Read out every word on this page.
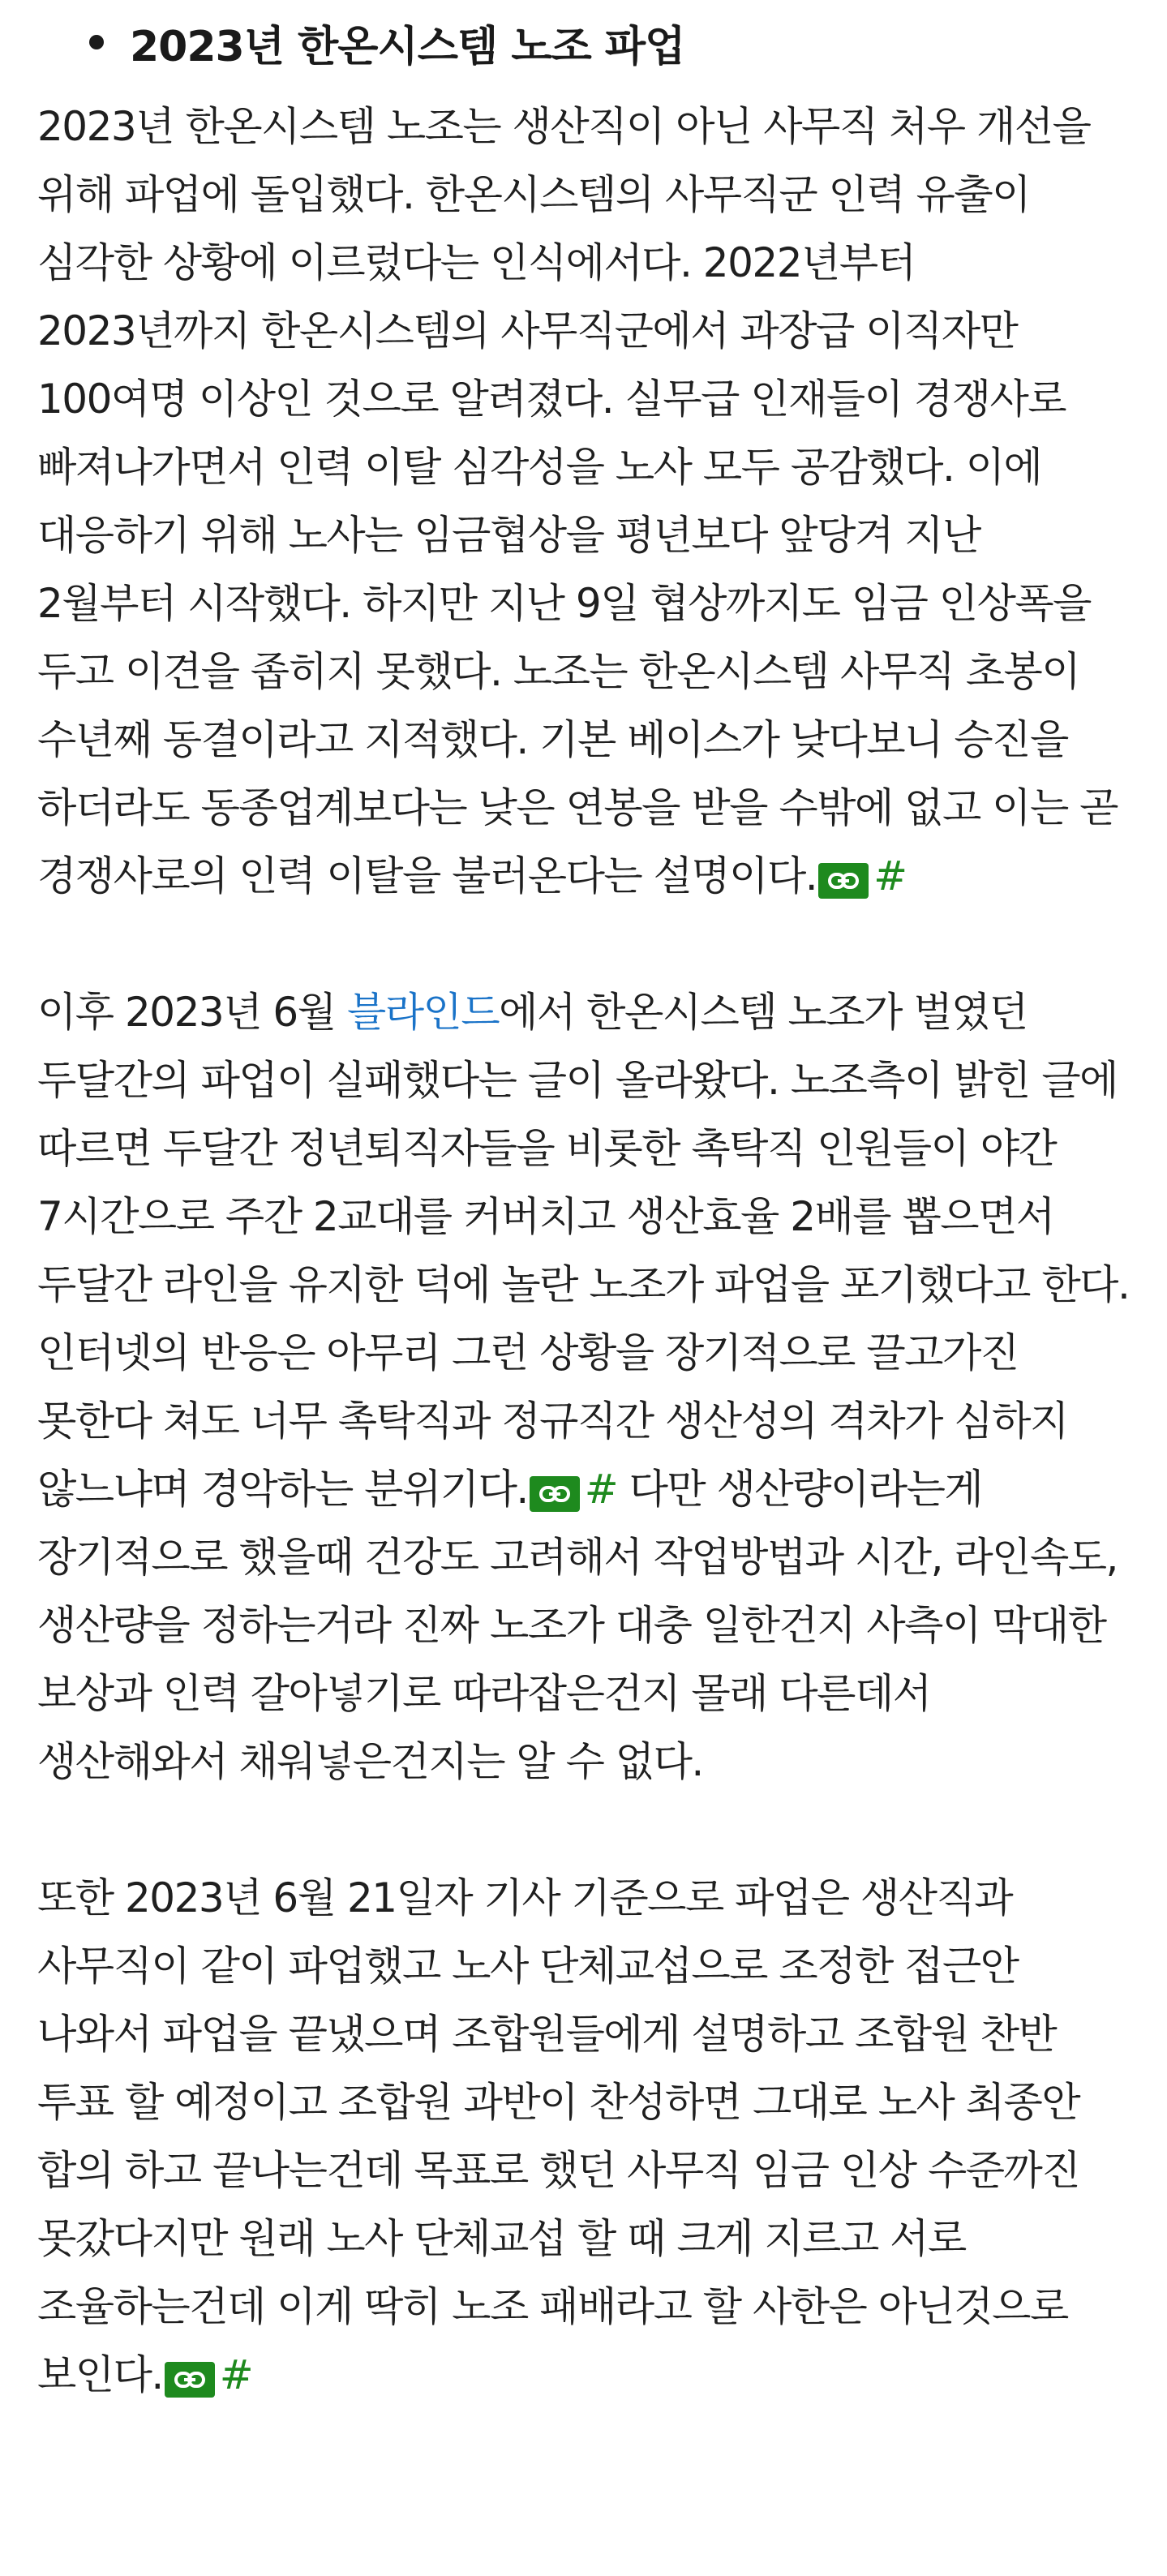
2023년 한온시스템 노조 파업

2023년 한온시스템 노조는 생산직이 아닌 사무직 처우 개선을 위해 파업에 돌입했다. 한온시스템의 사무직군 인력 유출이 심각한 상황에 이르렀다는 인식에서다. 2022년부터 2023년까지 한온시스템의 사무직군에서 과장급 이직자만 100여명 이상인 것으로 알려졌다. 실무급 인재들이 경쟁사로 빠져나가면서 인력 이탈 심각성을 노사 모두 공감했다. 이에 대응하기 위해 노사는 임금협상을 평년보다 앞당겨 지난 2월부터 시작했다. 하지만 지난 9일 협상까지도 임금 인상폭을 두고 이견을 좁히지 못했다. 노조는 한온시스템 사무직 초봉이 수년째 동결이라고 지적했다. 기본 베이스가 낮다보니 승진을 하더라도 동종업계보다는 낮은 연봉을 받을 수밖에 없고 이는 곧 경쟁사로의 인력 이탈을 불러온다는 설명이다. #

이후 2023년 6월 블라인드에서 한온시스템 노조가 벌였던 두달간의 파업이 실패했다는 글이 올라왔다. 노조측이 밝힌 글에 따르면 두달간 정년퇴직자들을 비롯한 촉탁직 인원들이 야간 7시간으로 주간 2교대를 커버치고 생산효율 2배를 뽑으면서 두달간 라인을 유지한 덕에 놀란 노조가 파업을 포기했다고 한다. 인터넷의 반응은 아무리 그런 상황을 장기적으로 끌고가진 못한다 쳐도 너무 촉탁직과 정규직간 생산성의 격차가 심하지 않느냐며 경악하는 분위기다. # 다만 생산량이라는게 장기적으로 했을때 건강도 고려해서 작업방법과 시간, 라인속도, 생산량을 정하는거라 진짜 노조가 대충 일한건지 사측이 막대한 보상과 인력 갈아넣기로 따라잡은건지 몰래 다른데서 생산해와서 채워넣은건지는 알 수 없다.

또한 2023년 6월 21일자 기사 기준으로 파업은 생산직과 사무직이 같이 파업했고 노사 단체교섭으로 조정한 접근안 나와서 파업을 끝냈으며 조합원들에게 설명하고 조합원 찬반 투표 할 예정이고 조합원 과반이 찬성하면 그대로 노사 최종안 합의 하고 끝나는건데 목표로 했던 사무직 임금 인상 수준까진 못갔다지만 원래 노사 단체교섭 할 때 크게 지르고 서로 조율하는건데 이게 딱히 노조 패배라고 할 사한은 아닌것으로 보인다. #
